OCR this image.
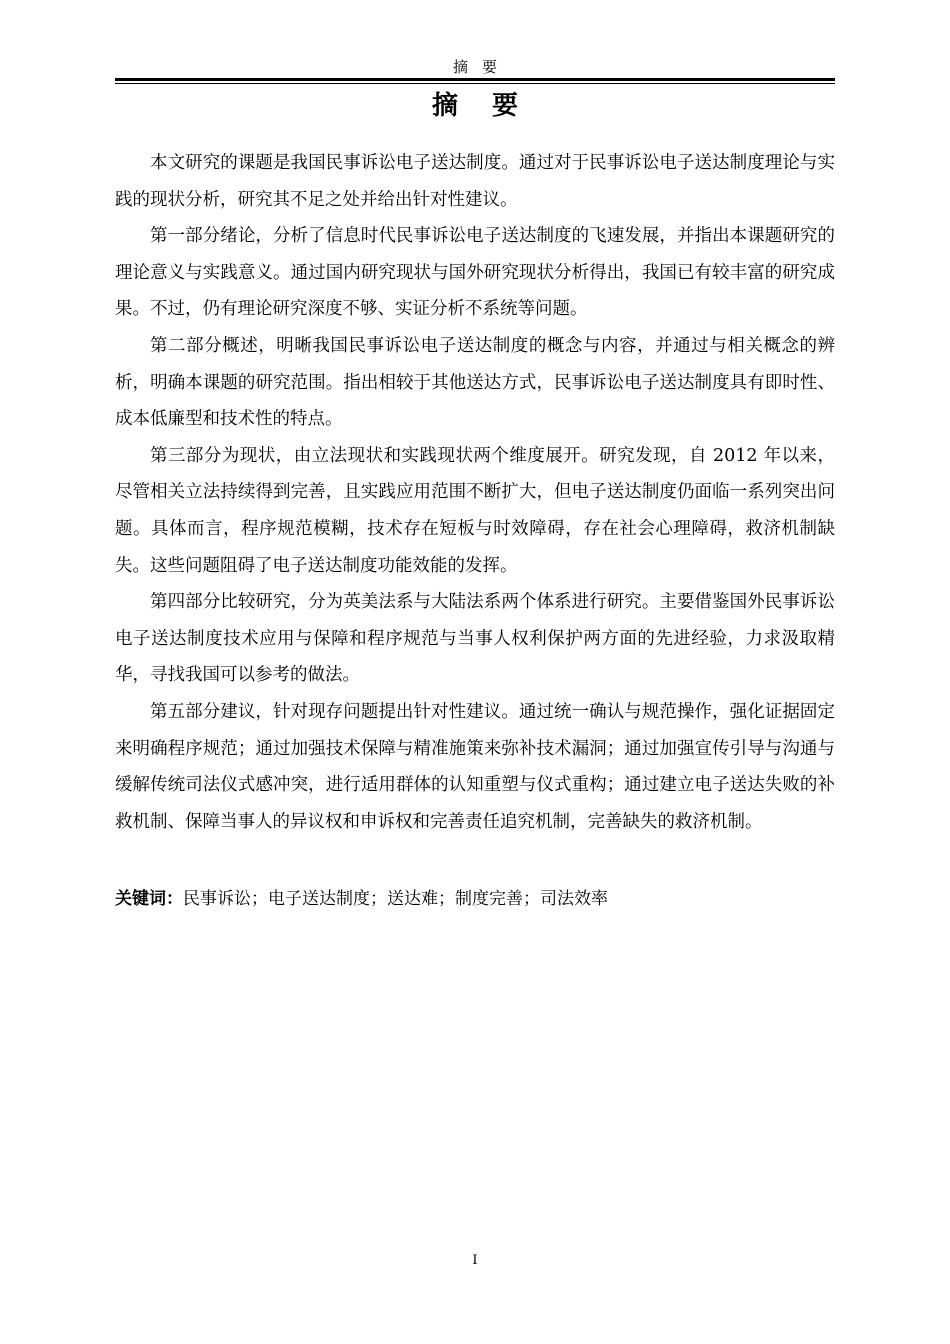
摘要
摘要

本文研究的课题是我国民事诉讼电子送达制度。通过对于民事诉讼电子送达制度理论与实践的现状分析，研究其不足之处并给出针对性建议。

第一部分绪论，分析了信息时代民事诉讼电子送达制度的飞速发展，并指出本课题研究的理论意义与实践意义。通过国内研究现状与国外研究现状分析得出，我国已有较丰富的研究成果。不过，仍有理论研究深度不够、实证分析不系统等问题。

第二部分概述，明晰我国民事诉讼电子送达制度的概念与内容，并通过与相关概念的辨析，明确本课题的研究范围。指出相较于其他送达方式，民事诉讼电子送达制度具有即时性、成本低廉型和技术性的特点。

第三部分为现状，由立法现状和实践现状两个维度展开。研究发现，自 2012 年以来，尽管相关立法持续得到完善，且实践应用范围不断扩大，但电子送达制度仍面临一系列突出问题。具体而言，程序规范模糊，技术存在短板与时效障碍，存在社会心理障碍，救济机制缺失。这些问题阻碍了电子送达制度功能效能的发挥。

第四部分比较研究，分为英美法系与大陆法系两个体系进行研究。主要借鉴国外民事诉讼电子送达制度技术应用与保障和程序规范与当事人权利保护两方面的先进经验，力求汲取精华，寻找我国可以参考的做法。

第五部分建议，针对现存问题提出针对性建议。通过统一确认与规范操作，强化证据固定来明确程序规范；通过加强技术保障与精准施策来弥补技术漏洞；通过加强宣传引导与沟通与缓解传统司法仪式感冲突，进行适用群体的认知重塑与仪式重构；通过建立电子送达失败的补救机制、保障当事人的异议权和申诉权和完善责任追究机制，完善缺失的救济机制。

关键词：民事诉讼；电子送达制度；送达难；制度完善；司法效率
I
